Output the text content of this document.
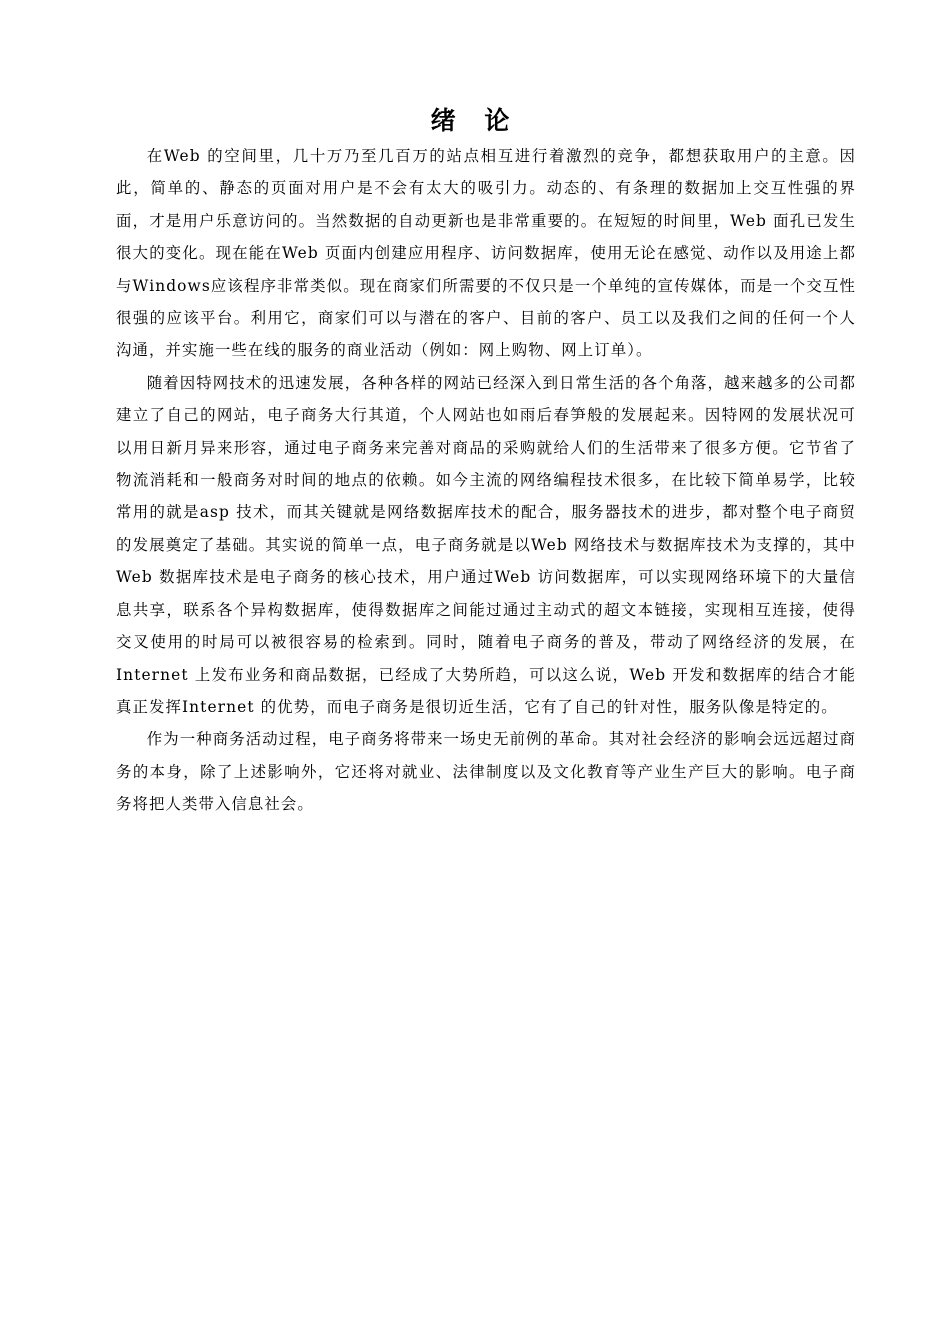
绪 论

在Web 的空间里，几十万乃至几百万的站点相互进行着激烈的竞争，都想获取用户的主意。因此，简单的、静态的页面对用户是不会有太大的吸引力。动态的、有条理的数据加上交互性强的界面，才是用户乐意访问的。当然数据的自动更新也是非常重要的。在短短的时间里，Web 面孔已发生很大的变化。现在能在Web 页面内创建应用程序、访问数据库，使用无论在感觉、动作以及用途上都与Windows应该程序非常类似。现在商家们所需要的不仅只是一个单纯的宣传媒体，而是一个交互性很强的应该平台。利用它，商家们可以与潜在的客户、目前的客户、员工以及我们之间的任何一个人沟通，并实施一些在线的服务的商业活动（例如：网上购物、网上订单）。

随着因特网技术的迅速发展，各种各样的网站已经深入到日常生活的各个角落，越来越多的公司都建立了自己的网站，电子商务大行其道，个人网站也如雨后春笋般的发展起来。因特网的发展状况可以用日新月异来形容，通过电子商务来完善对商品的采购就给人们的生活带来了很多方便。它节省了物流消耗和一般商务对时间的地点的依赖。如今主流的网络编程技术很多，在比较下简单易学，比较常用的就是asp 技术，而其关键就是网络数据库技术的配合，服务器技术的进步，都对整个电子商贸的发展奠定了基础。其实说的简单一点，电子商务就是以Web 网络技术与数据库技术为支撑的，其中Web 数据库技术是电子商务的核心技术，用户通过Web 访问数据库，可以实现网络环境下的大量信息共享，联系各个异构数据库，使得数据库之间能过通过主动式的超文本链接，实现相互连接，使得交叉使用的时局可以被很容易的检索到。同时，随着电子商务的普及，带动了网络经济的发展，在Internet 上发布业务和商品数据，已经成了大势所趋，可以这么说，Web 开发和数据库的结合才能真正发挥Internet 的优势，而电子商务是很切近生活，它有了自己的针对性，服务队像是特定的。

作为一种商务活动过程，电子商务将带来一场史无前例的革命。其对社会经济的影响会远远超过商务的本身，除了上述影响外，它还将对就业、法律制度以及文化教育等产业生产巨大的影响。电子商务将把人类带入信息社会。
